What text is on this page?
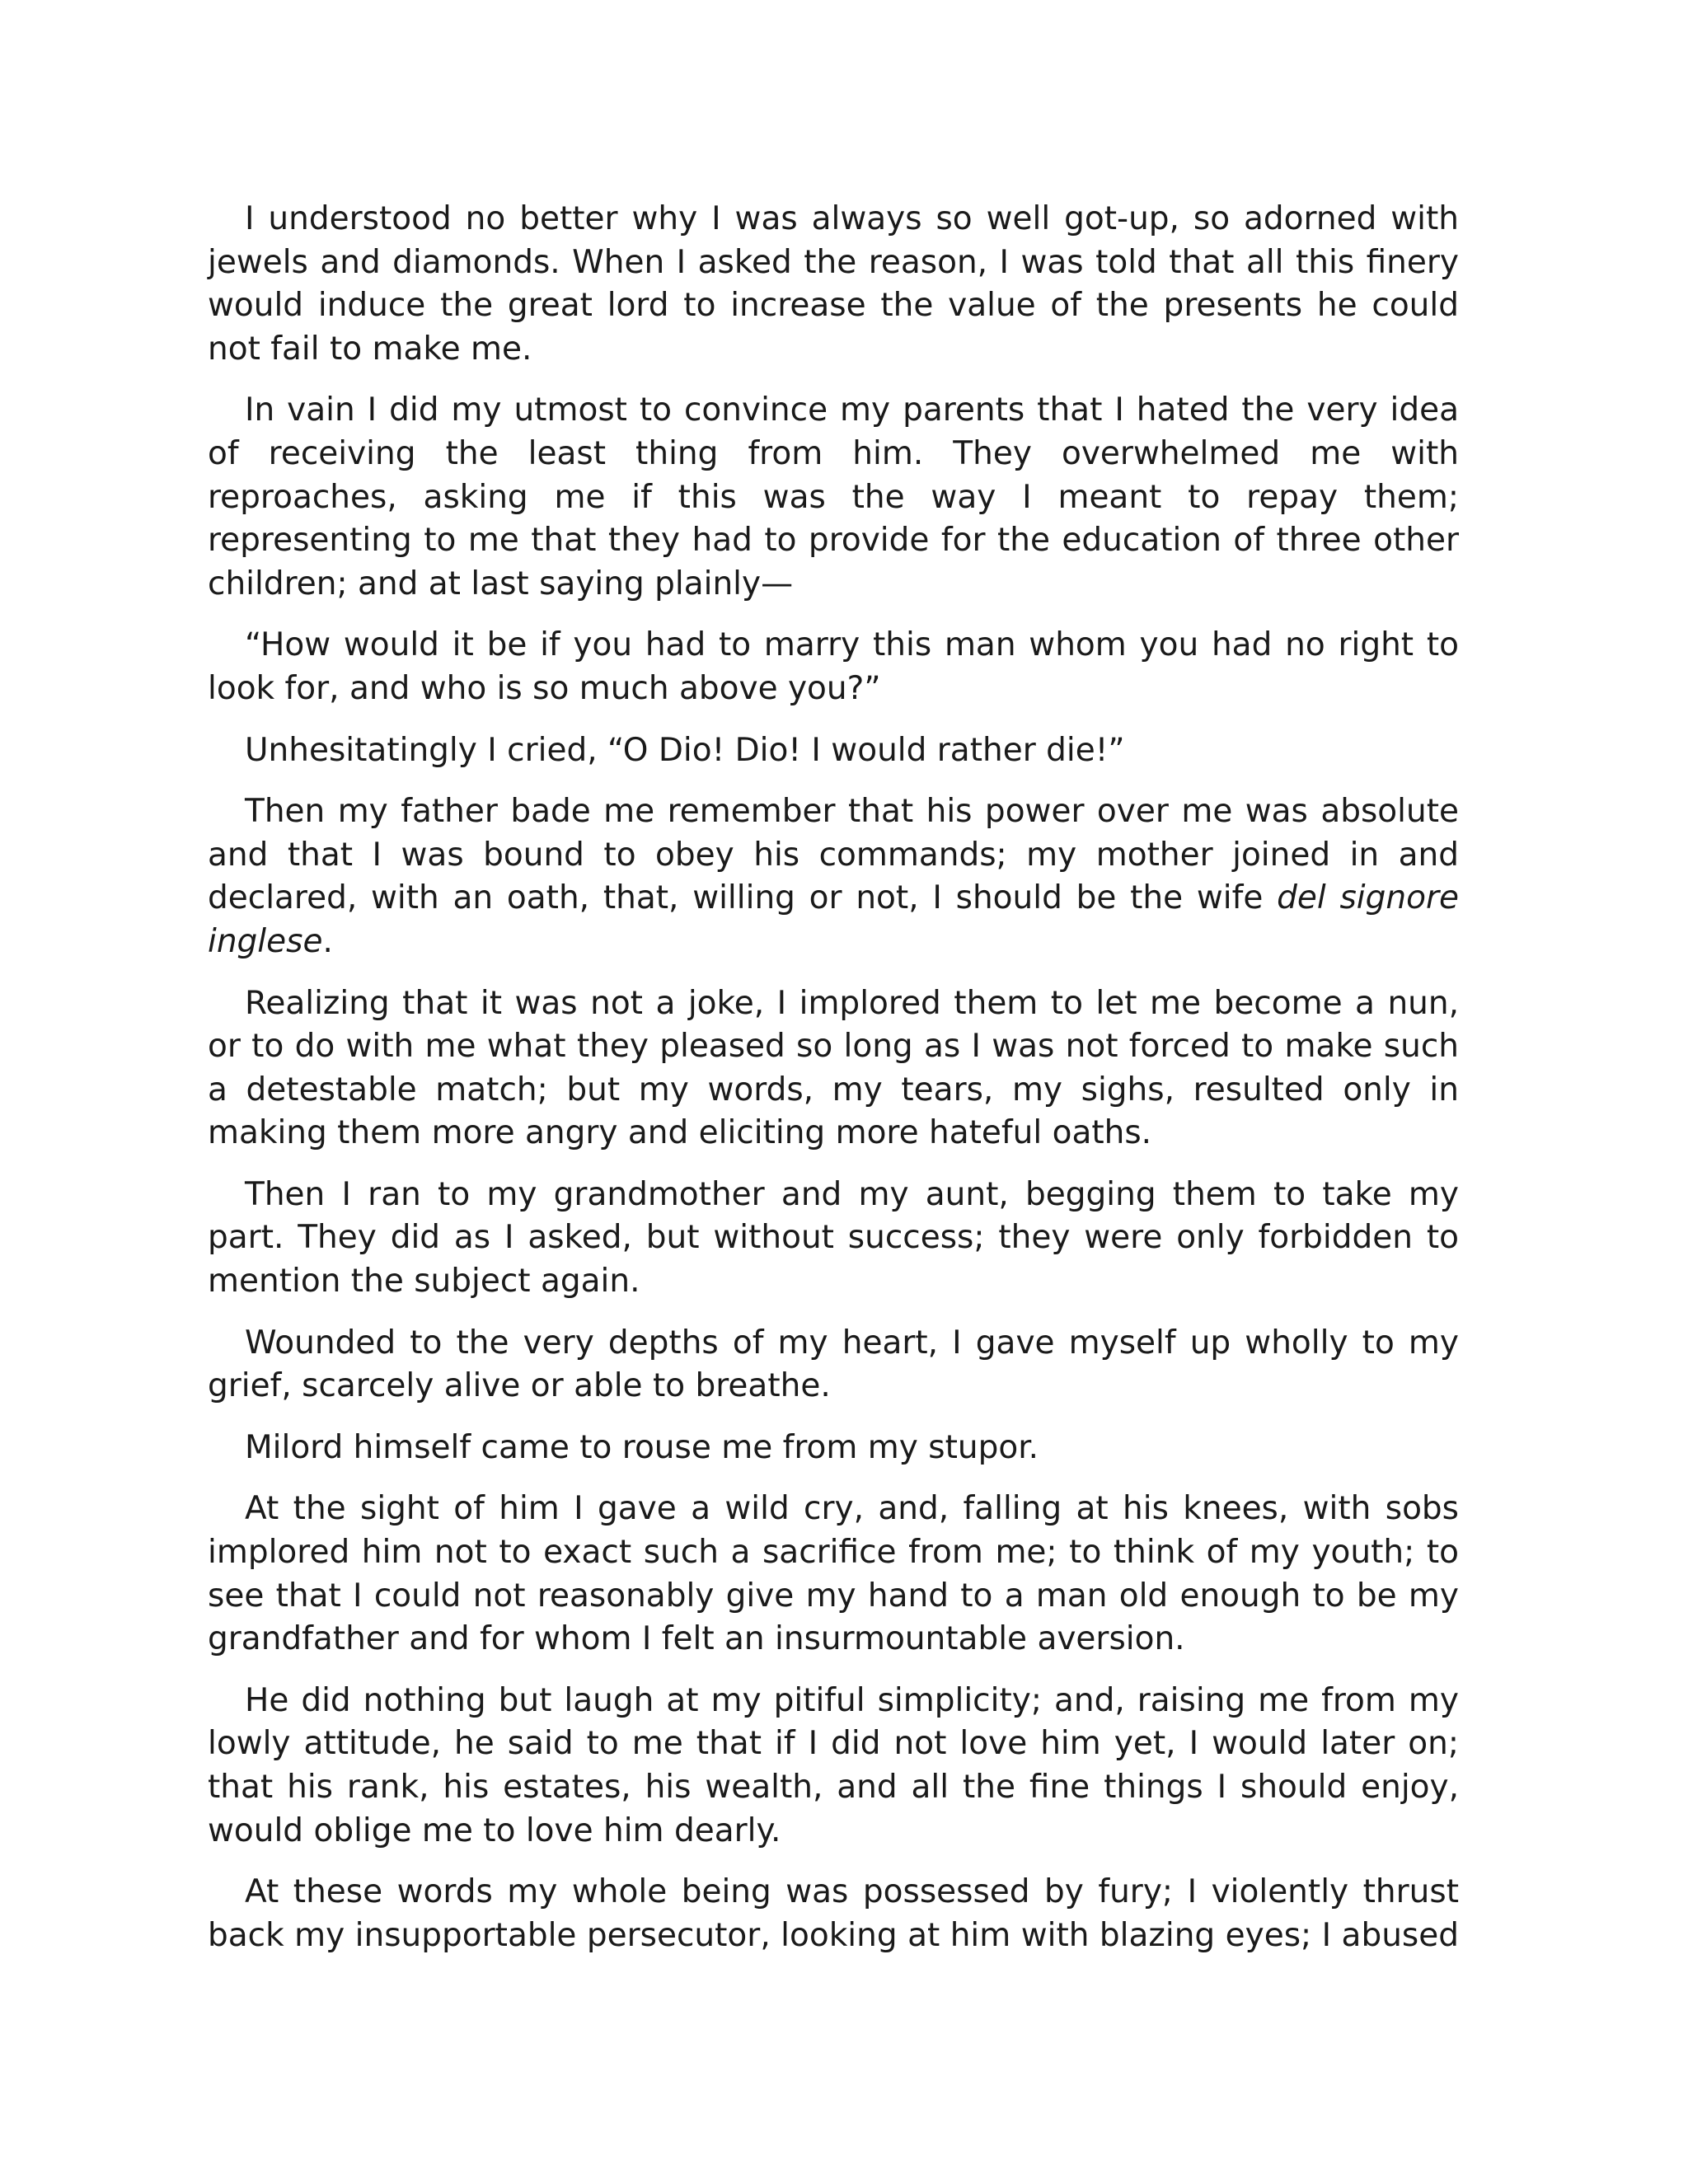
I understood no better why I was always so well got-up, so adorned with jewels and diamonds. When I asked the reason, I was told that all this finery would induce the great lord to increase the value of the presents he could not fail to make me.

In vain I did my utmost to convince my parents that I hated the very idea of receiving the least thing from him. They overwhelmed me with reproaches, asking me if this was the way I meant to repay them; representing to me that they had to provide for the education of three other children; and at last saying plainly—

“How would it be if you had to marry this man whom you had no right to look for, and who is so much above you?”

Unhesitatingly I cried, “O Dio! Dio! I would rather die!”

Then my father bade me remember that his power over me was absolute and that I was bound to obey his commands; my mother joined in and declared, with an oath, that, willing or not, I should be the wife del signore inglese.

Realizing that it was not a joke, I implored them to let me become a nun, or to do with me what they pleased so long as I was not forced to make such a detestable match; but my words, my tears, my sighs, resulted only in making them more angry and eliciting more hateful oaths.

Then I ran to my grandmother and my aunt, begging them to take my part. They did as I asked, but without success; they were only forbidden to mention the subject again.

Wounded to the very depths of my heart, I gave myself up wholly to my grief, scarcely alive or able to breathe.

Milord himself came to rouse me from my stupor.

At the sight of him I gave a wild cry, and, falling at his knees, with sobs implored him not to exact such a sacrifice from me; to think of my youth; to see that I could not reasonably give my hand to a man old enough to be my grandfather and for whom I felt an insurmountable aversion.

He did nothing but laugh at my pitiful simplicity; and, raising me from my lowly attitude, he said to me that if I did not love him yet, I would later on; that his rank, his estates, his wealth, and all the fine things I should enjoy, would oblige me to love him dearly.

At these words my whole being was possessed by fury; I violently thrust back my insupportable persecutor, looking at him with blazing eyes; I abused
